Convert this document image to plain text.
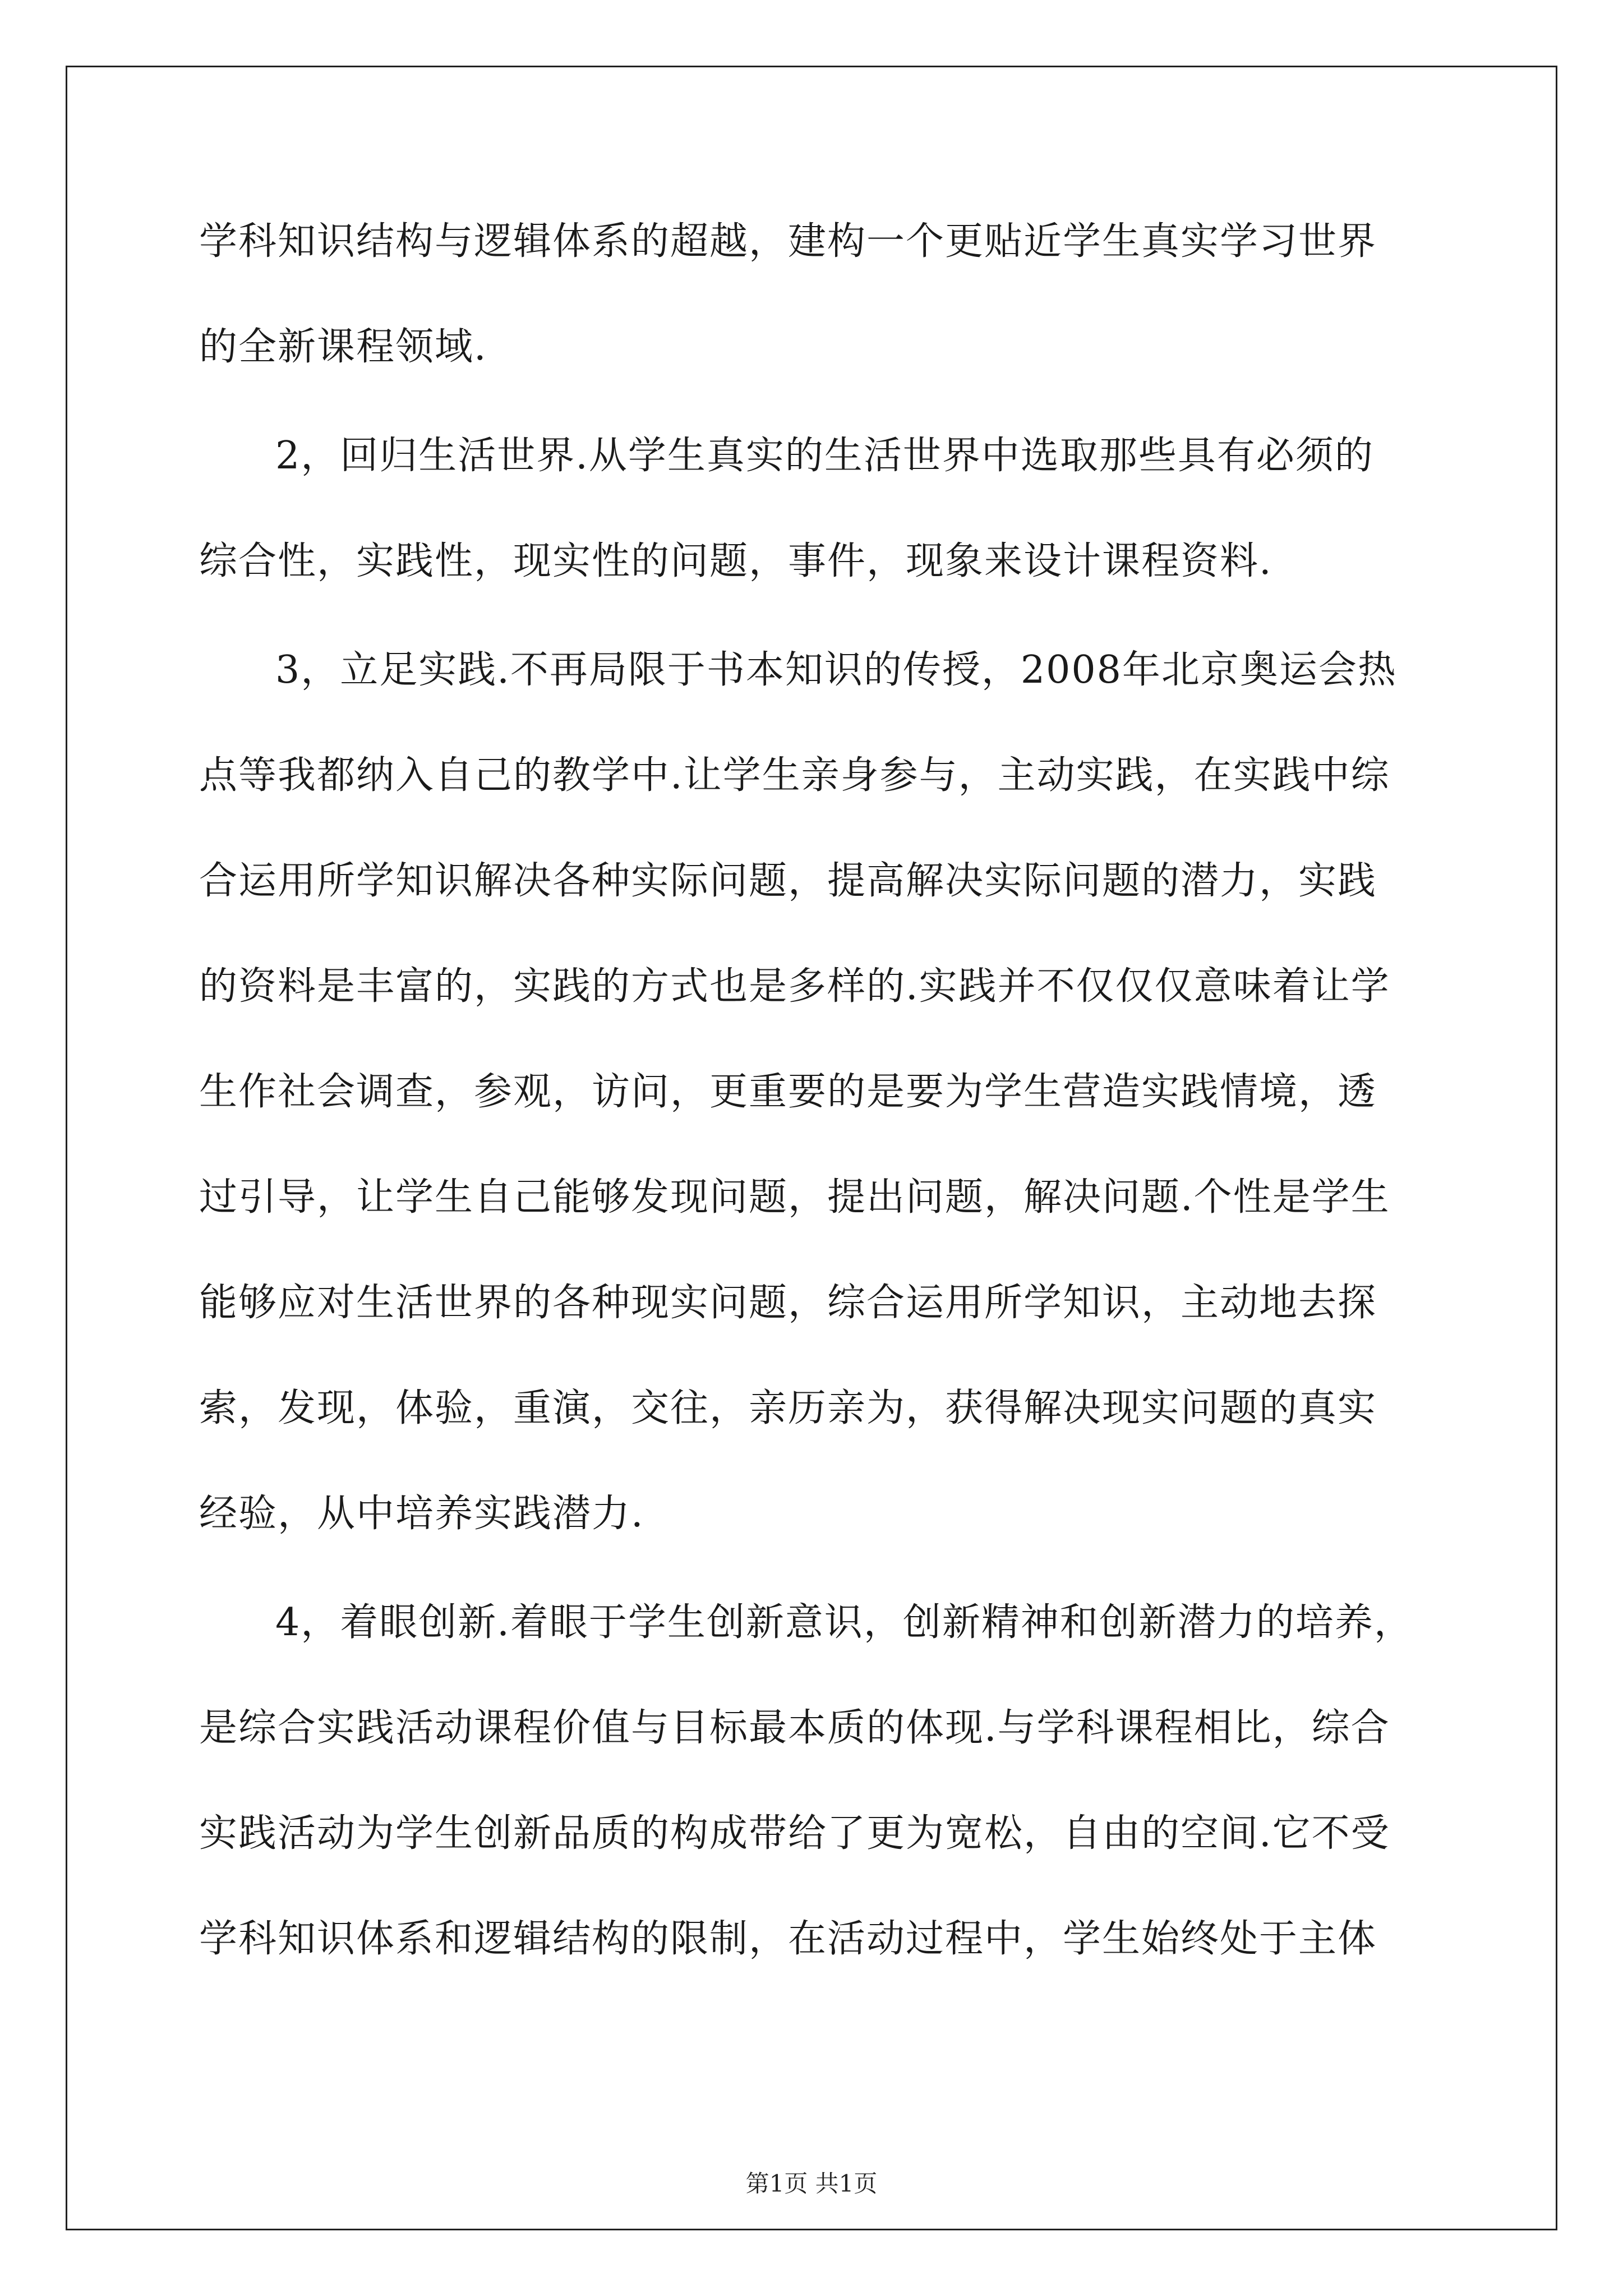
学科知识结构与逻辑体系的超越，建构一个更贴近学生真实学习世界
的全新课程领域.
2，回归生活世界.从学生真实的生活世界中选取那些具有必须的
综合性，实践性，现实性的问题，事件，现象来设计课程资料.
3，立足实践.不再局限于书本知识的传授，2008年北京奥运会热
点等我都纳入自己的教学中.让学生亲身参与，主动实践，在实践中综
合运用所学知识解决各种实际问题，提高解决实际问题的潜力，实践
的资料是丰富的，实践的方式也是多样的.实践并不仅仅仅意味着让学
生作社会调查，参观，访问，更重要的是要为学生营造实践情境，透
过引导，让学生自己能够发现问题，提出问题，解决问题.个性是学生
能够应对生活世界的各种现实问题，综合运用所学知识，主动地去探
索，发现，体验，重演，交往，亲历亲为，获得解决现实问题的真实
经验，从中培养实践潜力.
4，着眼创新.着眼于学生创新意识，创新精神和创新潜力的培养，
是综合实践活动课程价值与目标最本质的体现.与学科课程相比，综合
实践活动为学生创新品质的构成带给了更为宽松，自由的空间.它不受
学科知识体系和逻辑结构的限制，在活动过程中，学生始终处于主体
第1页 共1页
